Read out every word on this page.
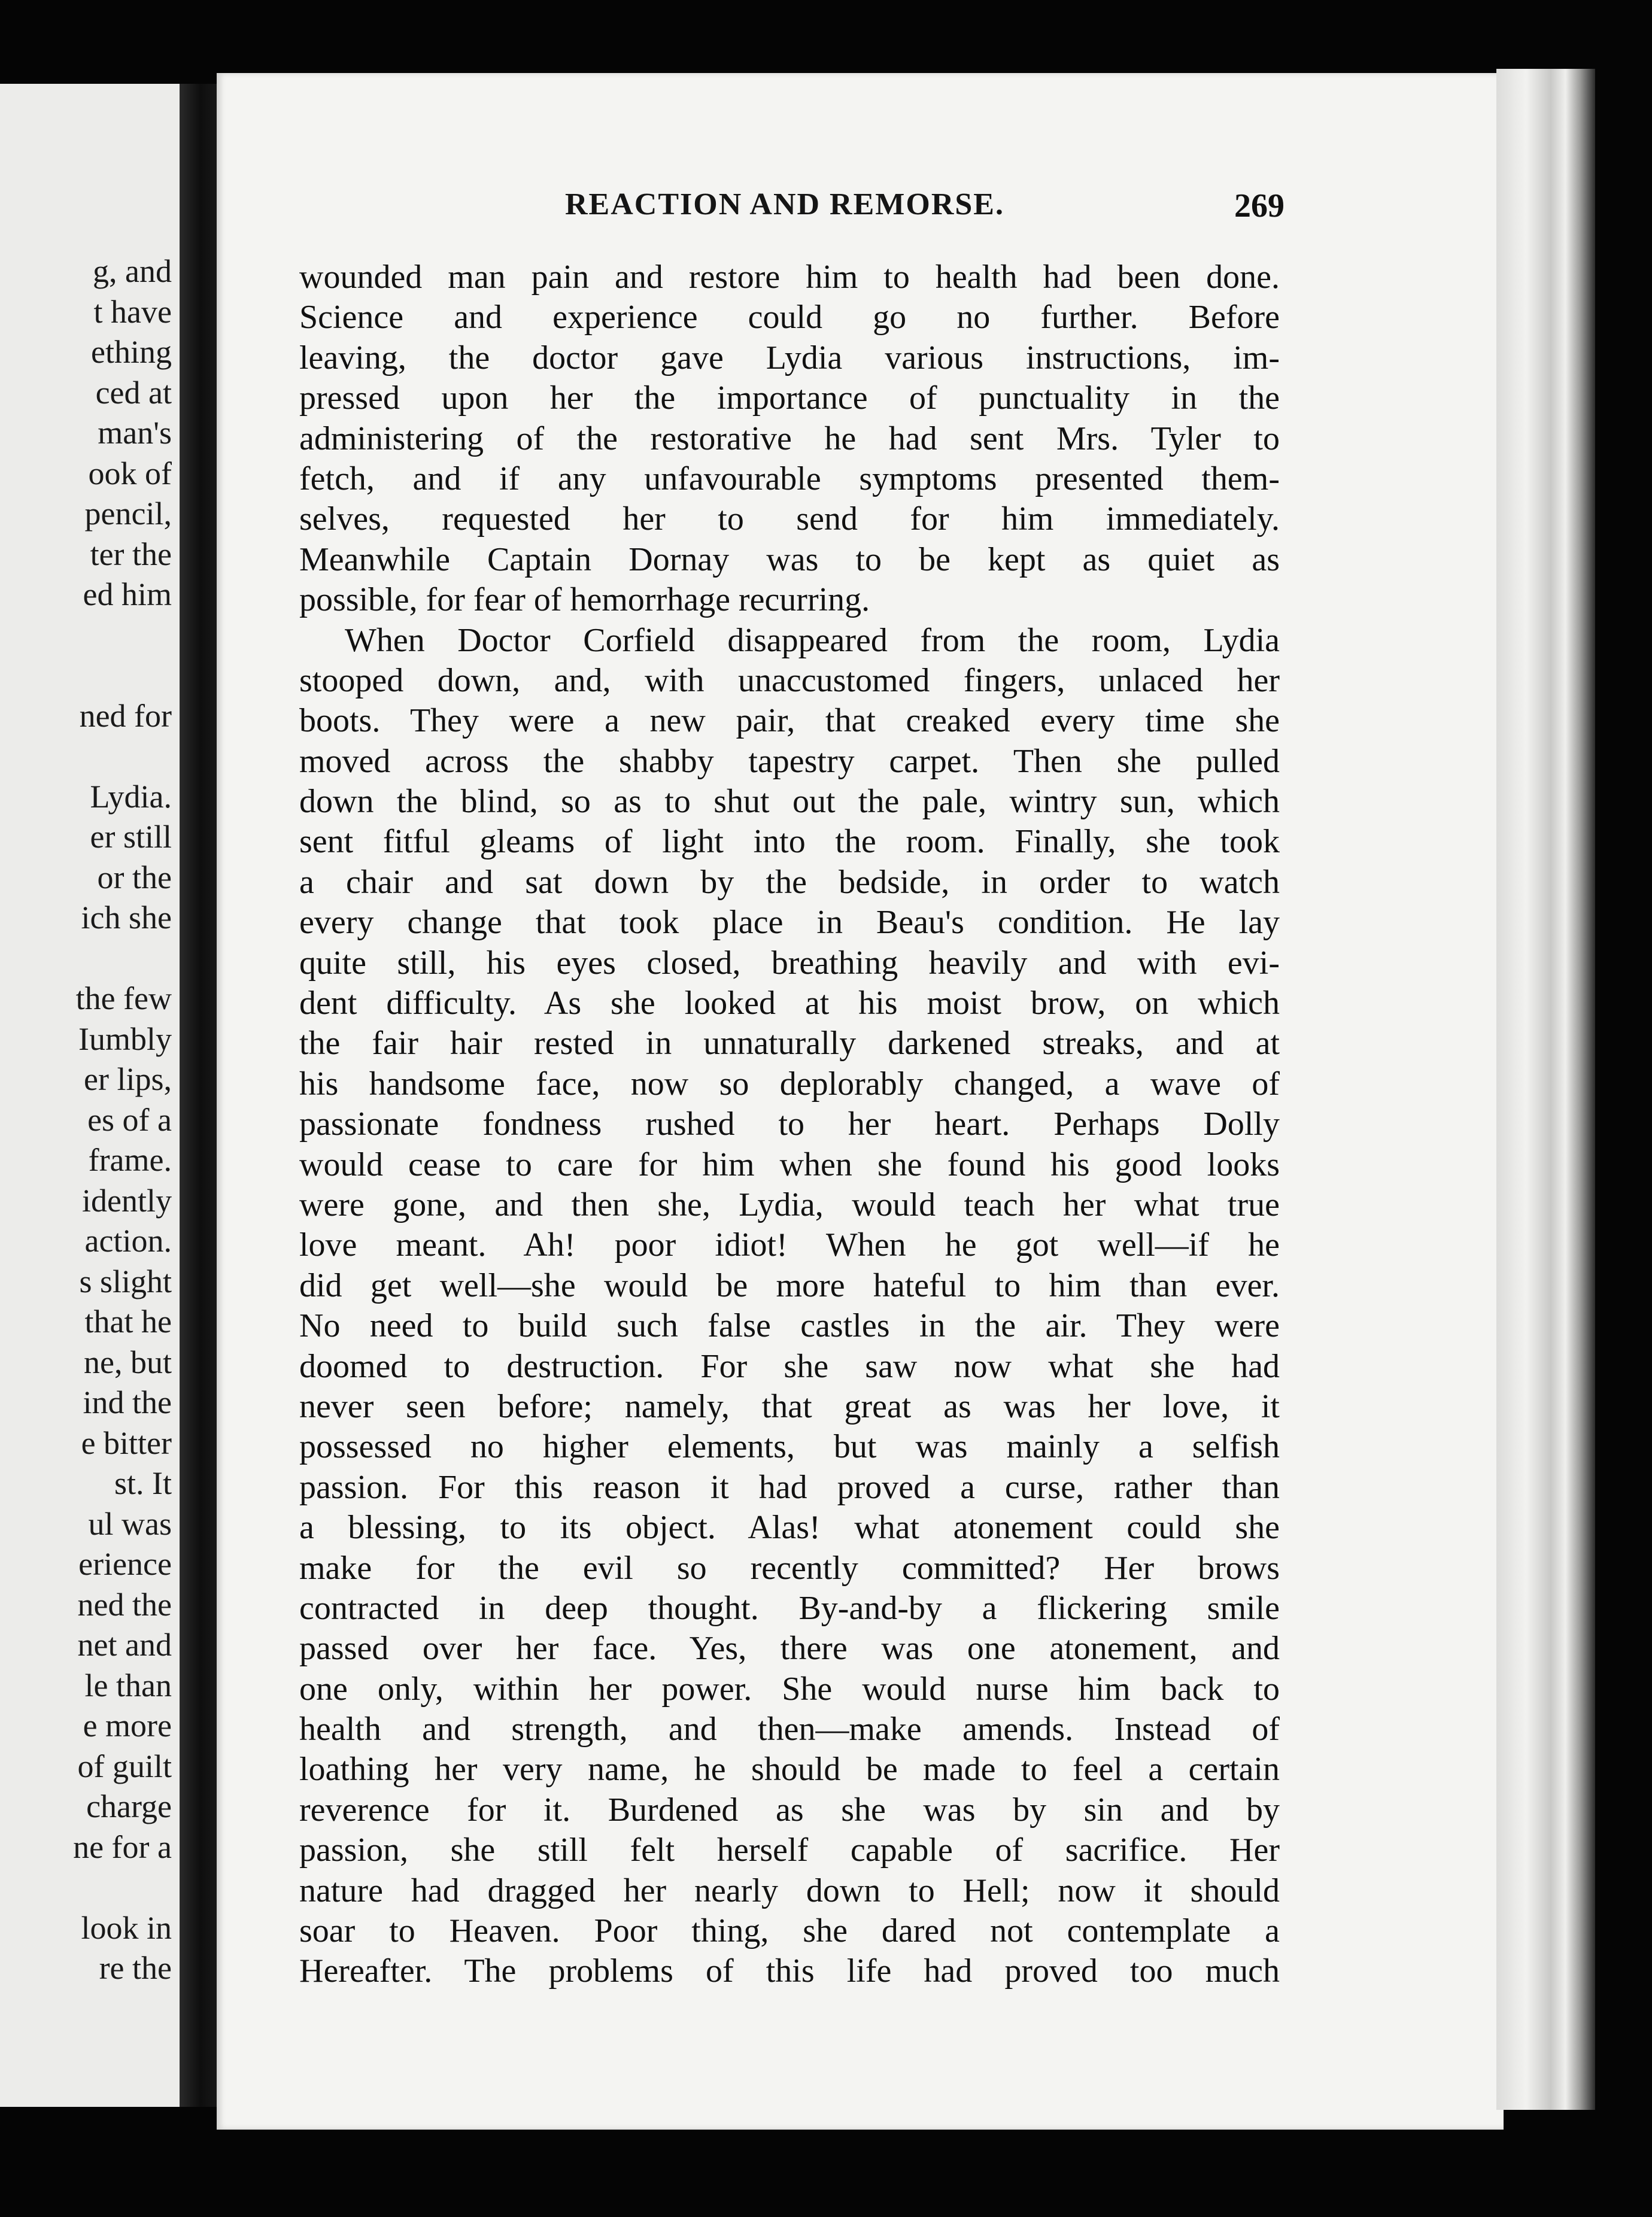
g, and
t have
ething
ced at
man's
ook of
pencil,
ter the
ed him
ned for
Lydia.
er still
or the
ich she
the few
Iumbly
er lips,
es of a
frame.
idently
action.
s slight
that he
ne, but
ind the
e bitter
st. It
ul was
erience
ned the
net and
le than
e more
of guilt
charge
ne for a
look in
re the
REACTION AND REMORSE.	269
wounded man pain and restore him to health had been done.
Science and experience could go no further. Before
leaving, the doctor gave Lydia various instructions, im-
pressed upon her the importance of punctuality in the
administering of the restorative he had sent Mrs. Tyler to
fetch, and if any unfavourable symptoms presented them-
selves, requested her to send for him immediately.
Meanwhile Captain Dornay was to be kept as quiet as
possible, for fear of hemorrhage recurring.
When Doctor Corfield disappeared from the room, Lydia
stooped down, and, with unaccustomed fingers, unlaced her
boots. They were a new pair, that creaked every time she
moved across the shabby tapestry carpet. Then she pulled
down the blind, so as to shut out the pale, wintry sun, which
sent fitful gleams of light into the room. Finally, she took
a chair and sat down by the bedside, in order to watch
every change that took place in Beau's condition. He lay
quite still, his eyes closed, breathing heavily and with evi-
dent difficulty. As she looked at his moist brow, on which
the fair hair rested in unnaturally darkened streaks, and at
his handsome face, now so deplorably changed, a wave of
passionate fondness rushed to her heart. Perhaps Dolly
would cease to care for him when she found his good looks
were gone, and then she, Lydia, would teach her what true
love meant. Ah! poor idiot! When he got well—if he
did get well—she would be more hateful to him than ever.
No need to build such false castles in the air. They were
doomed to destruction. For she saw now what she had
never seen before; namely, that great as was her love, it
possessed no higher elements, but was mainly a selfish
passion. For this reason it had proved a curse, rather than
a blessing, to its object. Alas! what atonement could she
make for the evil so recently committed? Her brows
contracted in deep thought. By-and-by a flickering smile
passed over her face. Yes, there was one atonement, and
one only, within her power. She would nurse him back to
health and strength, and then—make amends. Instead of
loathing her very name, he should be made to feel a certain
reverence for it. Burdened as she was by sin and by
passion, she still felt herself capable of sacrifice. Her
nature had dragged her nearly down to Hell; now it should
soar to Heaven. Poor thing, she dared not contemplate a
Hereafter. The problems of this life had proved too much
